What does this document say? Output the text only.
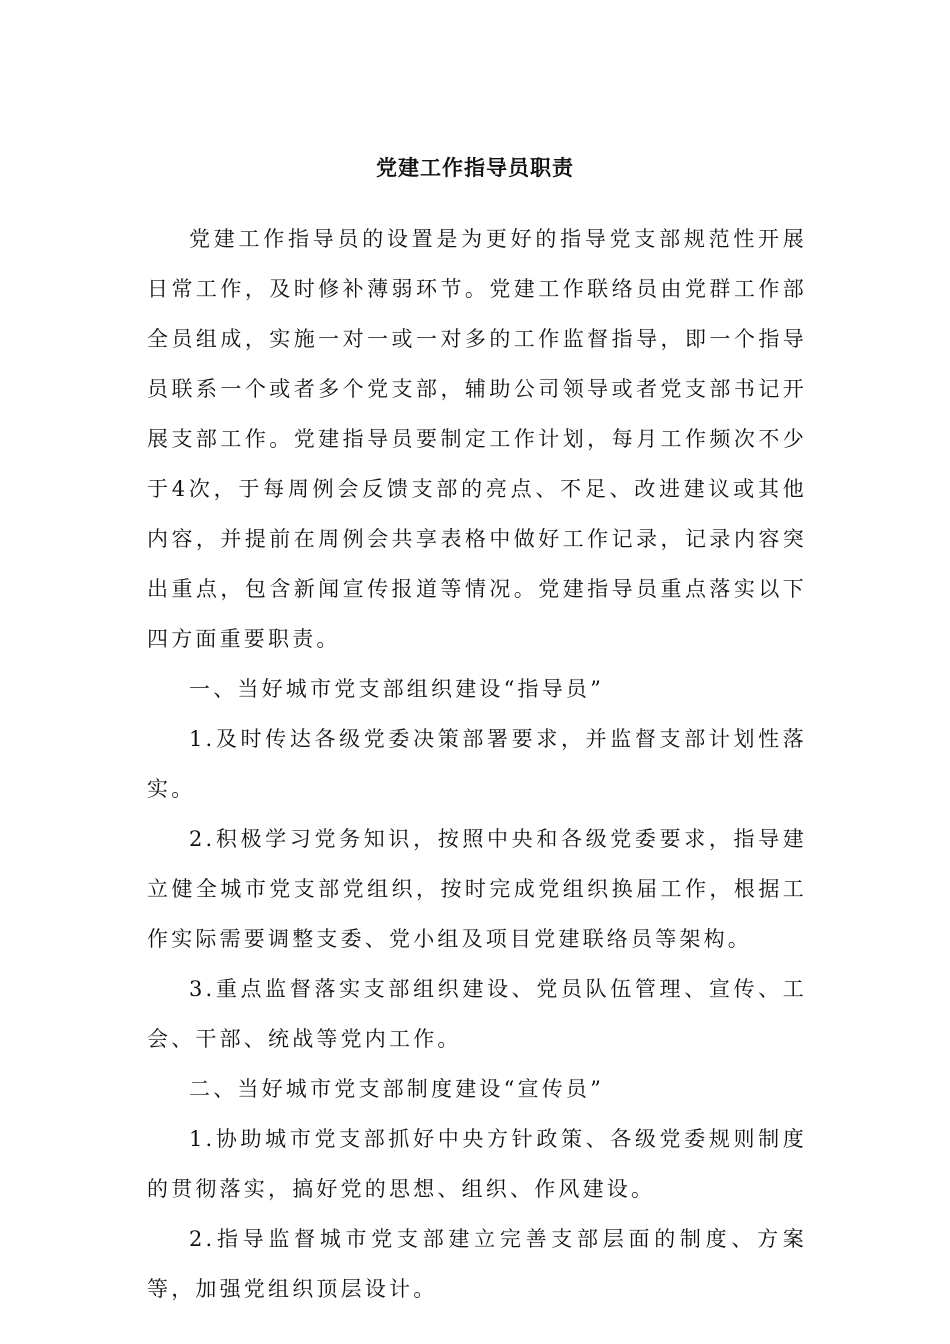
党建工作指导员职责

党建工作指导员的设置是为更好的指导党支部规范性开展日常工作，及时修补薄弱环节。党建工作联络员由党群工作部全员组成，实施一对一或一对多的工作监督指导，即一个指导员联系一个或者多个党支部，辅助公司领导或者党支部书记开展支部工作。党建指导员要制定工作计划，每月工作频次不少于4次，于每周例会反馈支部的亮点、不足、改进建议或其他内容，并提前在周例会共享表格中做好工作记录，记录内容突出重点，包含新闻宣传报道等情况。党建指导员重点落实以下四方面重要职责。

一、当好城市党支部组织建设“指导员”

1.及时传达各级党委决策部署要求，并监督支部计划性落实。

2.积极学习党务知识，按照中央和各级党委要求，指导建立健全城市党支部党组织，按时完成党组织换届工作，根据工作实际需要调整支委、党小组及项目党建联络员等架构。

3.重点监督落实支部组织建设、党员队伍管理、宣传、工会、干部、统战等党内工作。

二、当好城市党支部制度建设“宣传员”

1.协助城市党支部抓好中央方针政策、各级党委规则制度的贯彻落实，搞好党的思想、组织、作风建设。

2.指导监督城市党支部建立完善支部层面的制度、方案等，加强党组织顶层设计。
